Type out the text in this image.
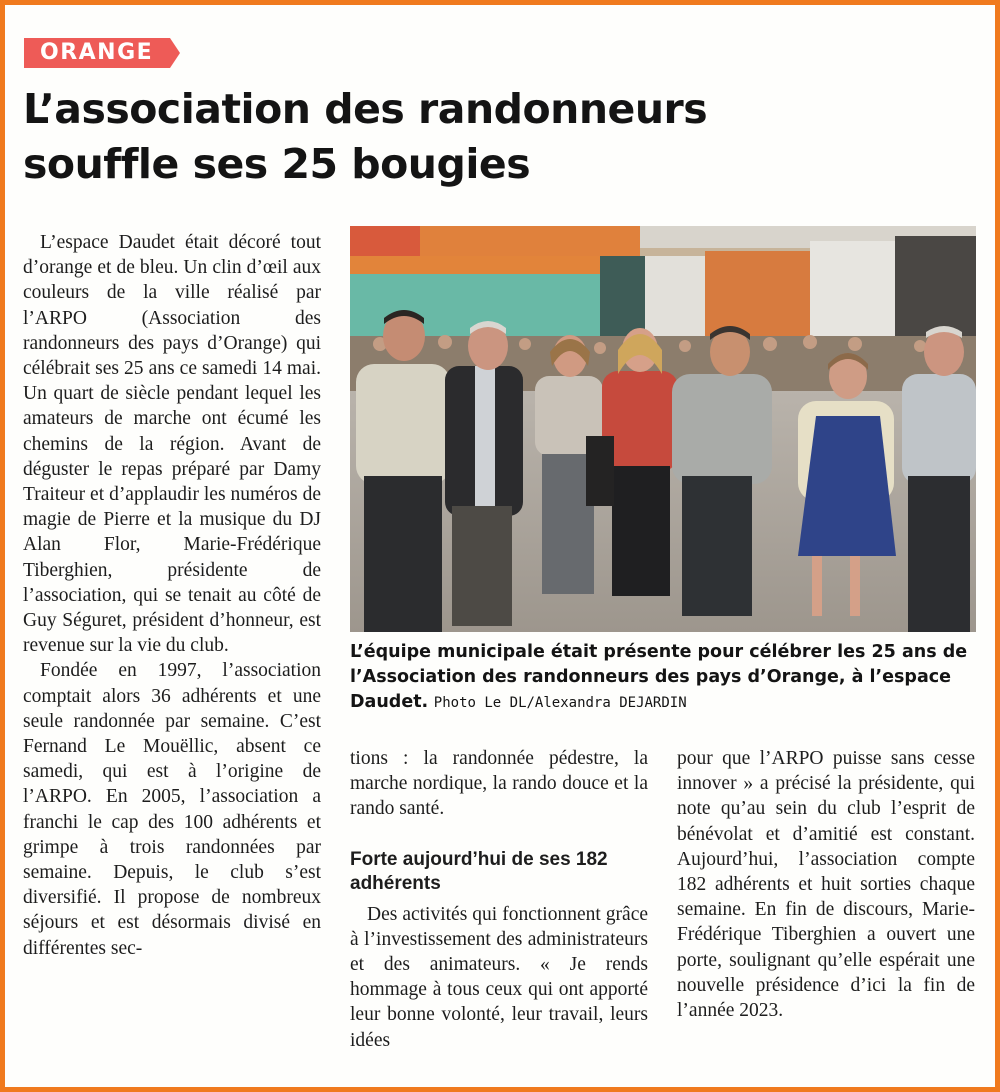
ORANGE
L’association des randonneurs
souffle ses 25 bougies

L’espace Daudet était décoré tout d’orange et de bleu. Un clin d’œil aux couleurs de la ville réalisé par l’ARPO (Association des randonneurs des pays d’Orange) qui célébrait ses 25 ans ce samedi 14 mai. Un quart de siècle pendant lequel les amateurs de marche ont écumé les chemins de la région. Avant de déguster le repas préparé par Damy Traiteur et d’applaudir les numéros de magie de Pierre et la musique du DJ Alan Flor, Marie-Frédérique Tiberghien, présidente de l’association, qui se tenait au côté de Guy Séguret, président d’honneur, est revenue sur la vie du club.

Fondée en 1997, l’association comptait alors 36 adhérents et une seule randonnée par semaine. C’est Fernand Le Mouëllic, absent ce samedi, qui est à l’origine de l’ARPO. En 2005, l’association a franchi le cap des 100 adhérents et grimpe à trois randonnées par semaine. Depuis, le club s’est diversifié. Il propose de nombreux séjours et est désormais divisé en différentes sec-

L’équipe municipale était présente pour célébrer les 25 ans de l’Association des randonneurs des pays d’Orange, à l’espace Daudet. Photo Le DL/Alexandra DEJARDIN

tions : la randonnée pédestre, la marche nordique, la rando douce et la rando santé.

Forte aujourd’hui de ses 182 adhérents

Des activités qui fonctionnent grâce à l’investissement des administrateurs et des animateurs. « Je rends hommage à tous ceux qui ont apporté leur bonne volonté, leur travail, leurs idées

pour que l’ARPO puisse sans cesse innover » a précisé la présidente, qui note qu’au sein du club l’esprit de bénévolat et d’amitié est constant. Aujourd’hui, l’association compte 182 adhérents et huit sorties chaque semaine. En fin de discours, Marie-Frédérique Tiberghien a ouvert une porte, soulignant qu’elle espérait une nouvelle présidence d’ici la fin de l’année 2023.
